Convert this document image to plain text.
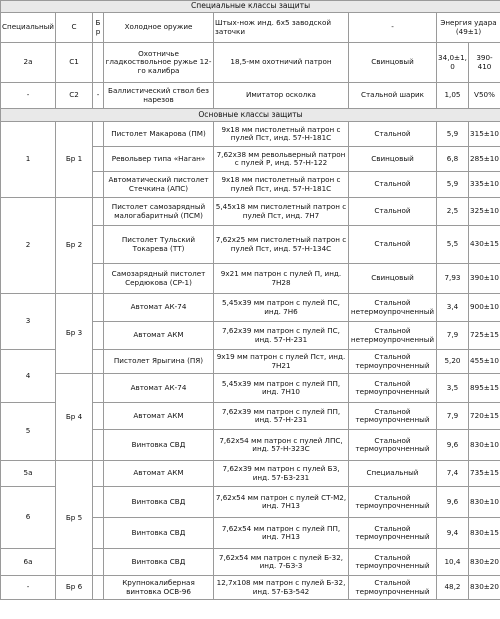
Специальные классы защиты							
Специальный	С	Бр	Холодное оружие	Штых-нож инд. 6х5 заводской заточки	-	Энергия удара (49±1)	
2а	С1		Охотничье гладкоствольное ружье 12-го калибра	18,5-мм охотничий патрон	Свинцовый	34,0±1,0	390-410
-	С2	-	Баллистический ствол без нарезов	Имитатор осколка	Стальной шарик	1,05	V50%
Основные классы защиты							
1	Бр 1		Пистолет Макарова (ПМ)	9х18 мм пистолетный патрон с пулей Пст, инд. 57-Н-181С	Стальной	5,9	315±10
			Револьвер типа «Наган»	7,62х38 мм револьверный патрон с пулей Р, инд. 57-Н-122	Свинцовый	6,8	285±10
			Автоматический пистолет Стечкина (АПС)	9х18 мм пистолетный патрон с пулей Пст, инд. 57-Н-181С	Стальной	5,9	335±10
2	Бр 2		Пистолет самозарядный малогабаритный (ПСМ)	5,45х18 мм пистолетный патрон с пулей Пст, инд. 7Н7	Стальной	2,5	325±10
			Пистолет Тульский Токарева (ТТ)	7,62х25 мм пистолетный патрон с пулей Пст, инд. 57-Н-134С	Стальной	5,5	430±15
			Самозарядный пистолет Сердюкова (СР-1)	9х21 мм патрон с пулей П, инд. 7Н28	Свинцовый	7,93	390±10
3	Бр 3		Автомат АК-74	5,45х39 мм патрон с пулей ПС, инд. 7Н6	Стальной нетермоупрочненный	3,4	900±10
			Автомат АКМ	7,62х39 мм патрон с пулей ПС, инд. 57-Н-231	Стальной нетермоупрочненный	7,9	725±15
4			Пистолет Ярыгина (ПЯ)	9х19 мм патрон с пулей Пст, инд. 7Н21	Стальной термоупрочненный	5,20	455±10
	Бр 4		Автомат АК-74	5,45х39 мм патрон с пулей ПП, инд. 7Н10	Стальной термоупрочненный	3,5	895±15
5			Автомат АКМ	7,62х39 мм патрон с пулей ПП, инд. 57-Н-231	Стальной термоупрочненный	7,9	720±15
			Винтовка СВД	7,62х54 мм патрон с пулей ЛПС, инд. 57-Н-323С	Стальной термоупрочненный	9,6	830±10
5а	Бр 5		Автомат АКМ	7,62х39 мм патрон с пулей БЗ, инд. 57-БЗ-231	Специальный	7,4	735±15
6			Винтовка СВД	7,62х54 мм патрон с пулей СТ-М2, инд. 7Н13	Стальной термоупрочненный	9,6	830±10
			Винтовка СВД	7,62х54 мм патрон с пулей ПП, инд. 7Н13	Стальной термоупрочненный	9,4	830±15
6а			Винтовка СВД	7,62х54 мм патрон с пулей Б-32, инд. 7-БЗ-3	Стальной термоупрочненный	10,4	830±20
-	Бр 6		Крупнокалиберная винтовка ОСВ-96	12,7х108 мм патрон с пулей Б-32, инд. 57-БЗ-542	Стальной термоупрочненный	48,2	830±20
